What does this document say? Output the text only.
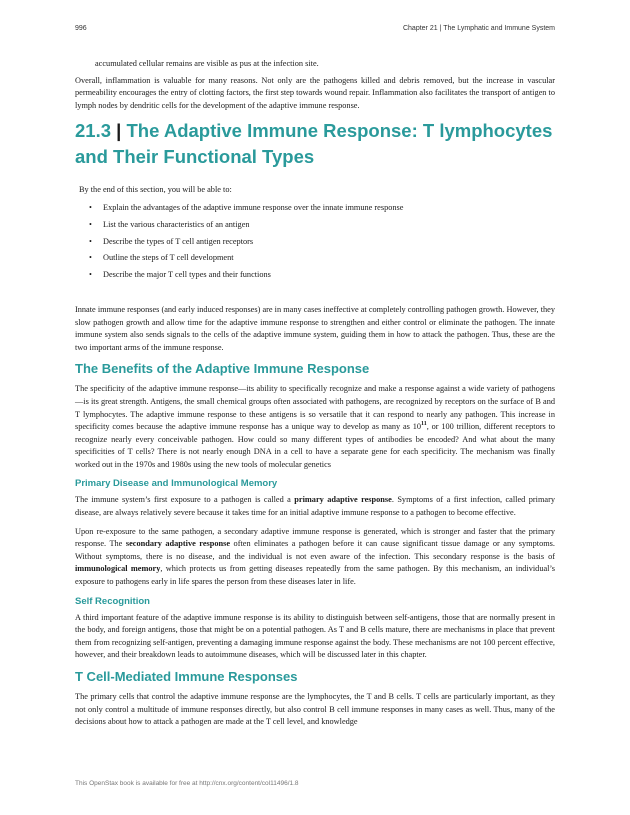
996	Chapter 21 | The Lymphatic and Immune System

accumulated cellular remains are visible as pus at the infection site.

Overall, inflammation is valuable for many reasons. Not only are the pathogens killed and debris removed, but the increase in vascular permeability encourages the entry of clotting factors, the first step towards wound repair. Inflammation also facilitates the transport of antigen to lymph nodes by dendritic cells for the development of the adaptive immune response.

21.3 | The Adaptive Immune Response: T lymphocytes and Their Functional Types

By the end of this section, you will be able to:

• Explain the advantages of the adaptive immune response over the innate immune response
• List the various characteristics of an antigen
• Describe the types of T cell antigen receptors
• Outline the steps of T cell development
• Describe the major T cell types and their functions

Innate immune responses (and early induced responses) are in many cases ineffective at completely controlling pathogen growth. However, they slow pathogen growth and allow time for the adaptive immune response to strengthen and either control or eliminate the pathogen. The innate immune system also sends signals to the cells of the adaptive immune system, guiding them in how to attack the pathogen. Thus, these are the two important arms of the immune response.

The Benefits of the Adaptive Immune Response

The specificity of the adaptive immune response—its ability to specifically recognize and make a response against a wide variety of pathogens—is its great strength. Antigens, the small chemical groups often associated with pathogens, are recognized by receptors on the surface of B and T lymphocytes. The adaptive immune response to these antigens is so versatile that it can respond to nearly any pathogen. This increase in specificity comes because the adaptive immune response has a unique way to develop as many as $10^{11}$, or 100 trillion, different receptors to recognize nearly every conceivable pathogen. How could so many different types of antibodies be encoded? And what about the many specificities of T cells? There is not nearly enough DNA in a cell to have a separate gene for each specificity. The mechanism was finally worked out in the 1970s and 1980s using the new tools of molecular genetics

Primary Disease and Immunological Memory

The immune system’s first exposure to a pathogen is called a primary adaptive response. Symptoms of a first infection, called primary disease, are always relatively severe because it takes time for an initial adaptive immune response to a pathogen to become effective.

Upon re-exposure to the same pathogen, a secondary adaptive immune response is generated, which is stronger and faster that the primary response. The secondary adaptive response often eliminates a pathogen before it can cause significant tissue damage or any symptoms. Without symptoms, there is no disease, and the individual is not even aware of the infection. This secondary response is the basis of immunological memory, which protects us from getting diseases repeatedly from the same pathogen. By this mechanism, an individual’s exposure to pathogens early in life spares the person from these diseases later in life.

Self Recognition

A third important feature of the adaptive immune response is its ability to distinguish between self-antigens, those that are normally present in the body, and foreign antigens, those that might be on a potential pathogen. As T and B cells mature, there are mechanisms in place that prevent them from recognizing self-antigen, preventing a damaging immune response against the body. These mechanisms are not 100 percent effective, however, and their breakdown leads to autoimmune diseases, which will be discussed later in this chapter.

T Cell-Mediated Immune Responses

The primary cells that control the adaptive immune response are the lymphocytes, the T and B cells. T cells are particularly important, as they not only control a multitude of immune responses directly, but also control B cell immune responses in many cases as well. Thus, many of the decisions about how to attack a pathogen are made at the T cell level, and knowledge

This OpenStax book is available for free at http://cnx.org/content/col11496/1.8
